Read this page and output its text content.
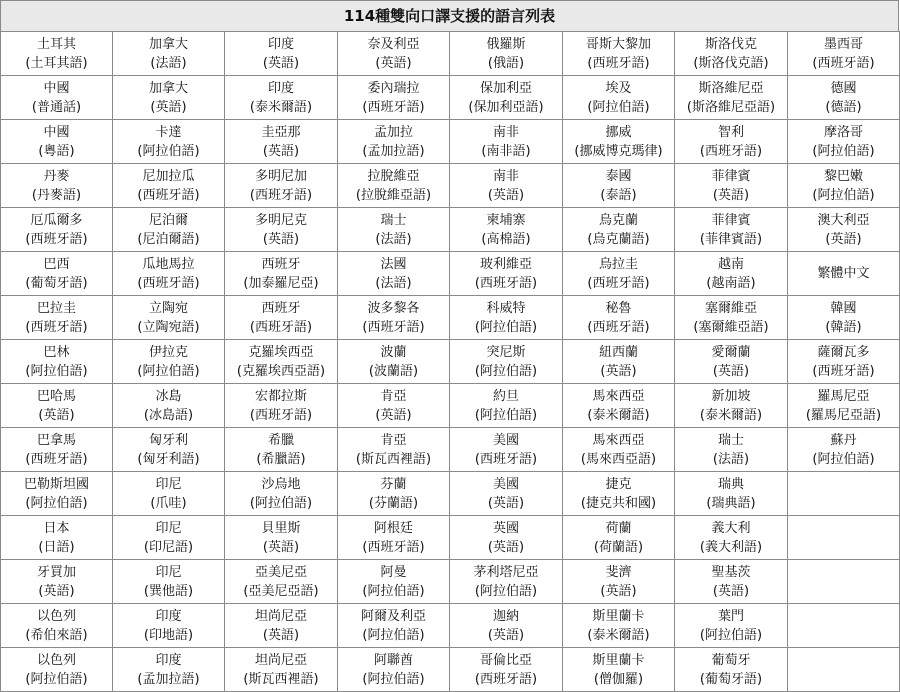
114種雙向口譯支援的語言列表
土耳其
(土耳其語)	加拿大
(法語)	印度
(英語)	奈及利亞
(英語)	俄羅斯
(俄語)	哥斯大黎加
(西班牙語)	斯洛伐克
(斯洛伐克語)	墨西哥
(西班牙語)

中國
(普通話)	加拿大
(英語)	印度
(泰米爾語)	委內瑞拉
(西班牙語)	保加利亞
(保加利亞語)	埃及
(阿拉伯語)	斯洛維尼亞
(斯洛維尼亞語)	德國
(德語)

中國
(粵語)	卡達
(阿拉伯語)	圭亞那
(英語)	孟加拉
(孟加拉語)	南非
(南非語)	挪威
(挪威博克瑪律)	智利
(西班牙語)	摩洛哥
(阿拉伯語)

丹麥
(丹麥語)	尼加拉瓜
(西班牙語)	多明尼加
(西班牙語)	拉脫維亞
(拉脫維亞語)	南非
(英語)	泰國
(泰語)	菲律賓
(英語)	黎巴嫩
(阿拉伯語)

厄瓜爾多
(西班牙語)	尼泊爾
(尼泊爾語)	多明尼克
(英語)	瑞士
(法語)	柬埔寨
(高棉語)	烏克蘭
(烏克蘭語)	菲律賓
(菲律賓語)	澳大利亞
(英語)

巴西
(葡萄牙語)	瓜地馬拉
(西班牙語)	西班牙
(加泰羅尼亞)	法國
(法語)	玻利維亞
(西班牙語)	烏拉圭
(西班牙語)	越南
(越南語)	繁體中文

巴拉圭
(西班牙語)	立陶宛
(立陶宛語)	西班牙
(西班牙語)	波多黎各
(西班牙語)	科威特
(阿拉伯語)	秘魯
(西班牙語)	塞爾維亞
(塞爾維亞語)	韓國
(韓語)

巴林
(阿拉伯語)	伊拉克
(阿拉伯語)	克羅埃西亞
(克羅埃西亞語)	波蘭
(波蘭語)	突尼斯
(阿拉伯語)	紐西蘭
(英語)	愛爾蘭
(英語)	薩爾瓦多
(西班牙語)

巴哈馬
(英語)	冰島
(冰島語)	宏都拉斯
(西班牙語)	肯亞
(英語)	約旦
(阿拉伯語)	馬來西亞
(泰米爾語)	新加坡
(泰米爾語)	羅馬尼亞
(羅馬尼亞語)

巴拿馬
(西班牙語)	匈牙利
(匈牙利語)	希臘
(希臘語)	肯亞
(斯瓦西裡語)	美國
(西班牙語)	馬來西亞
(馬來西亞語)	瑞士
(法語)	蘇丹
(阿拉伯語)

巴勒斯坦國
(阿拉伯語)	印尼
(爪哇)	沙烏地
(阿拉伯語)	芬蘭
(芬蘭語)	美國
(英語)	捷克
(捷克共和國)	瑞典
(瑞典語)	

日本
(日語)	印尼
(印尼語)	貝里斯
(英語)	阿根廷
(西班牙語)	英國
(英語)	荷蘭
(荷蘭語)	義大利
(義大利語)	

牙買加
(英語)	印尼
(巽他語)	亞美尼亞
(亞美尼亞語)	阿曼
(阿拉伯語)	茅利塔尼亞
(阿拉伯語)	斐濟
(英語)	聖基茨
(英語)	

以色列
(希伯來語)	印度
(印地語)	坦尚尼亞
(英語)	阿爾及利亞
(阿拉伯語)	迦納
(英語)	斯里蘭卡
(泰米爾語)	葉門
(阿拉伯語)	

以色列
(阿拉伯語)	印度
(孟加拉語)	坦尚尼亞
(斯瓦西裡語)	阿聯酋
(阿拉伯語)	哥倫比亞
(西班牙語)	斯里蘭卡
(僧伽羅)	葡萄牙
(葡萄牙語)	
